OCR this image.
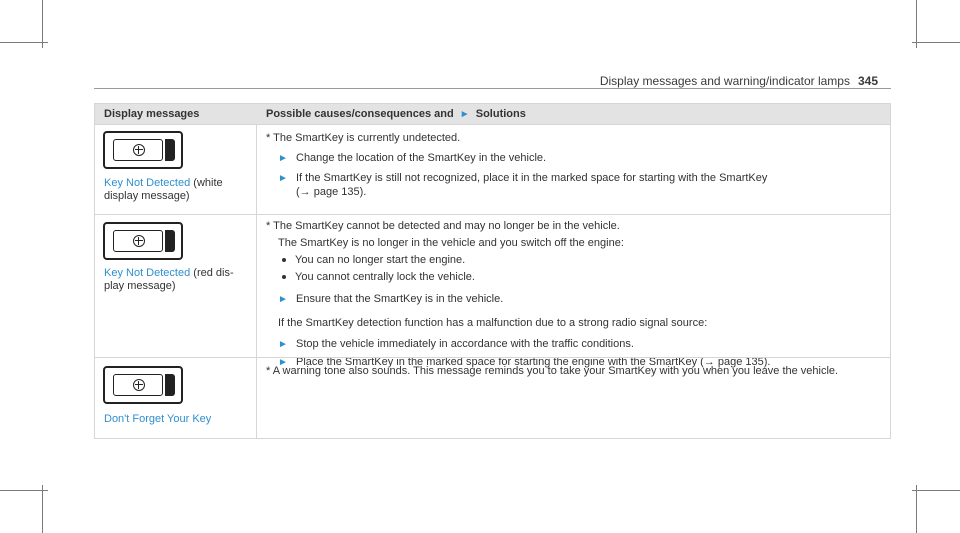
Display messages and warning/indicator lamps 345
Display messages	Possible causes/consequences and ► Solutions
Key Not Detected (white
display message)
* The SmartKey is currently undetected.
► Change the location of the SmartKey in the vehicle.
► If the SmartKey is still not recognized, place it in the marked space for starting with the SmartKey
(→ page 135).
Key Not Detected (red dis-
play message)
* The SmartKey cannot be detected and may no longer be in the vehicle.
The SmartKey is no longer in the vehicle and you switch off the engine:
You can no longer start the engine.
You cannot centrally lock the vehicle.
► Ensure that the SmartKey is in the vehicle.
If the SmartKey detection function has a malfunction due to a strong radio signal source:
► Stop the vehicle immediately in accordance with the traffic conditions.
► Place the SmartKey in the marked space for starting the engine with the SmartKey (→ page 135).
Don't Forget Your Key
* A warning tone also sounds. This message reminds you to take your SmartKey with you when you leave the vehicle.
